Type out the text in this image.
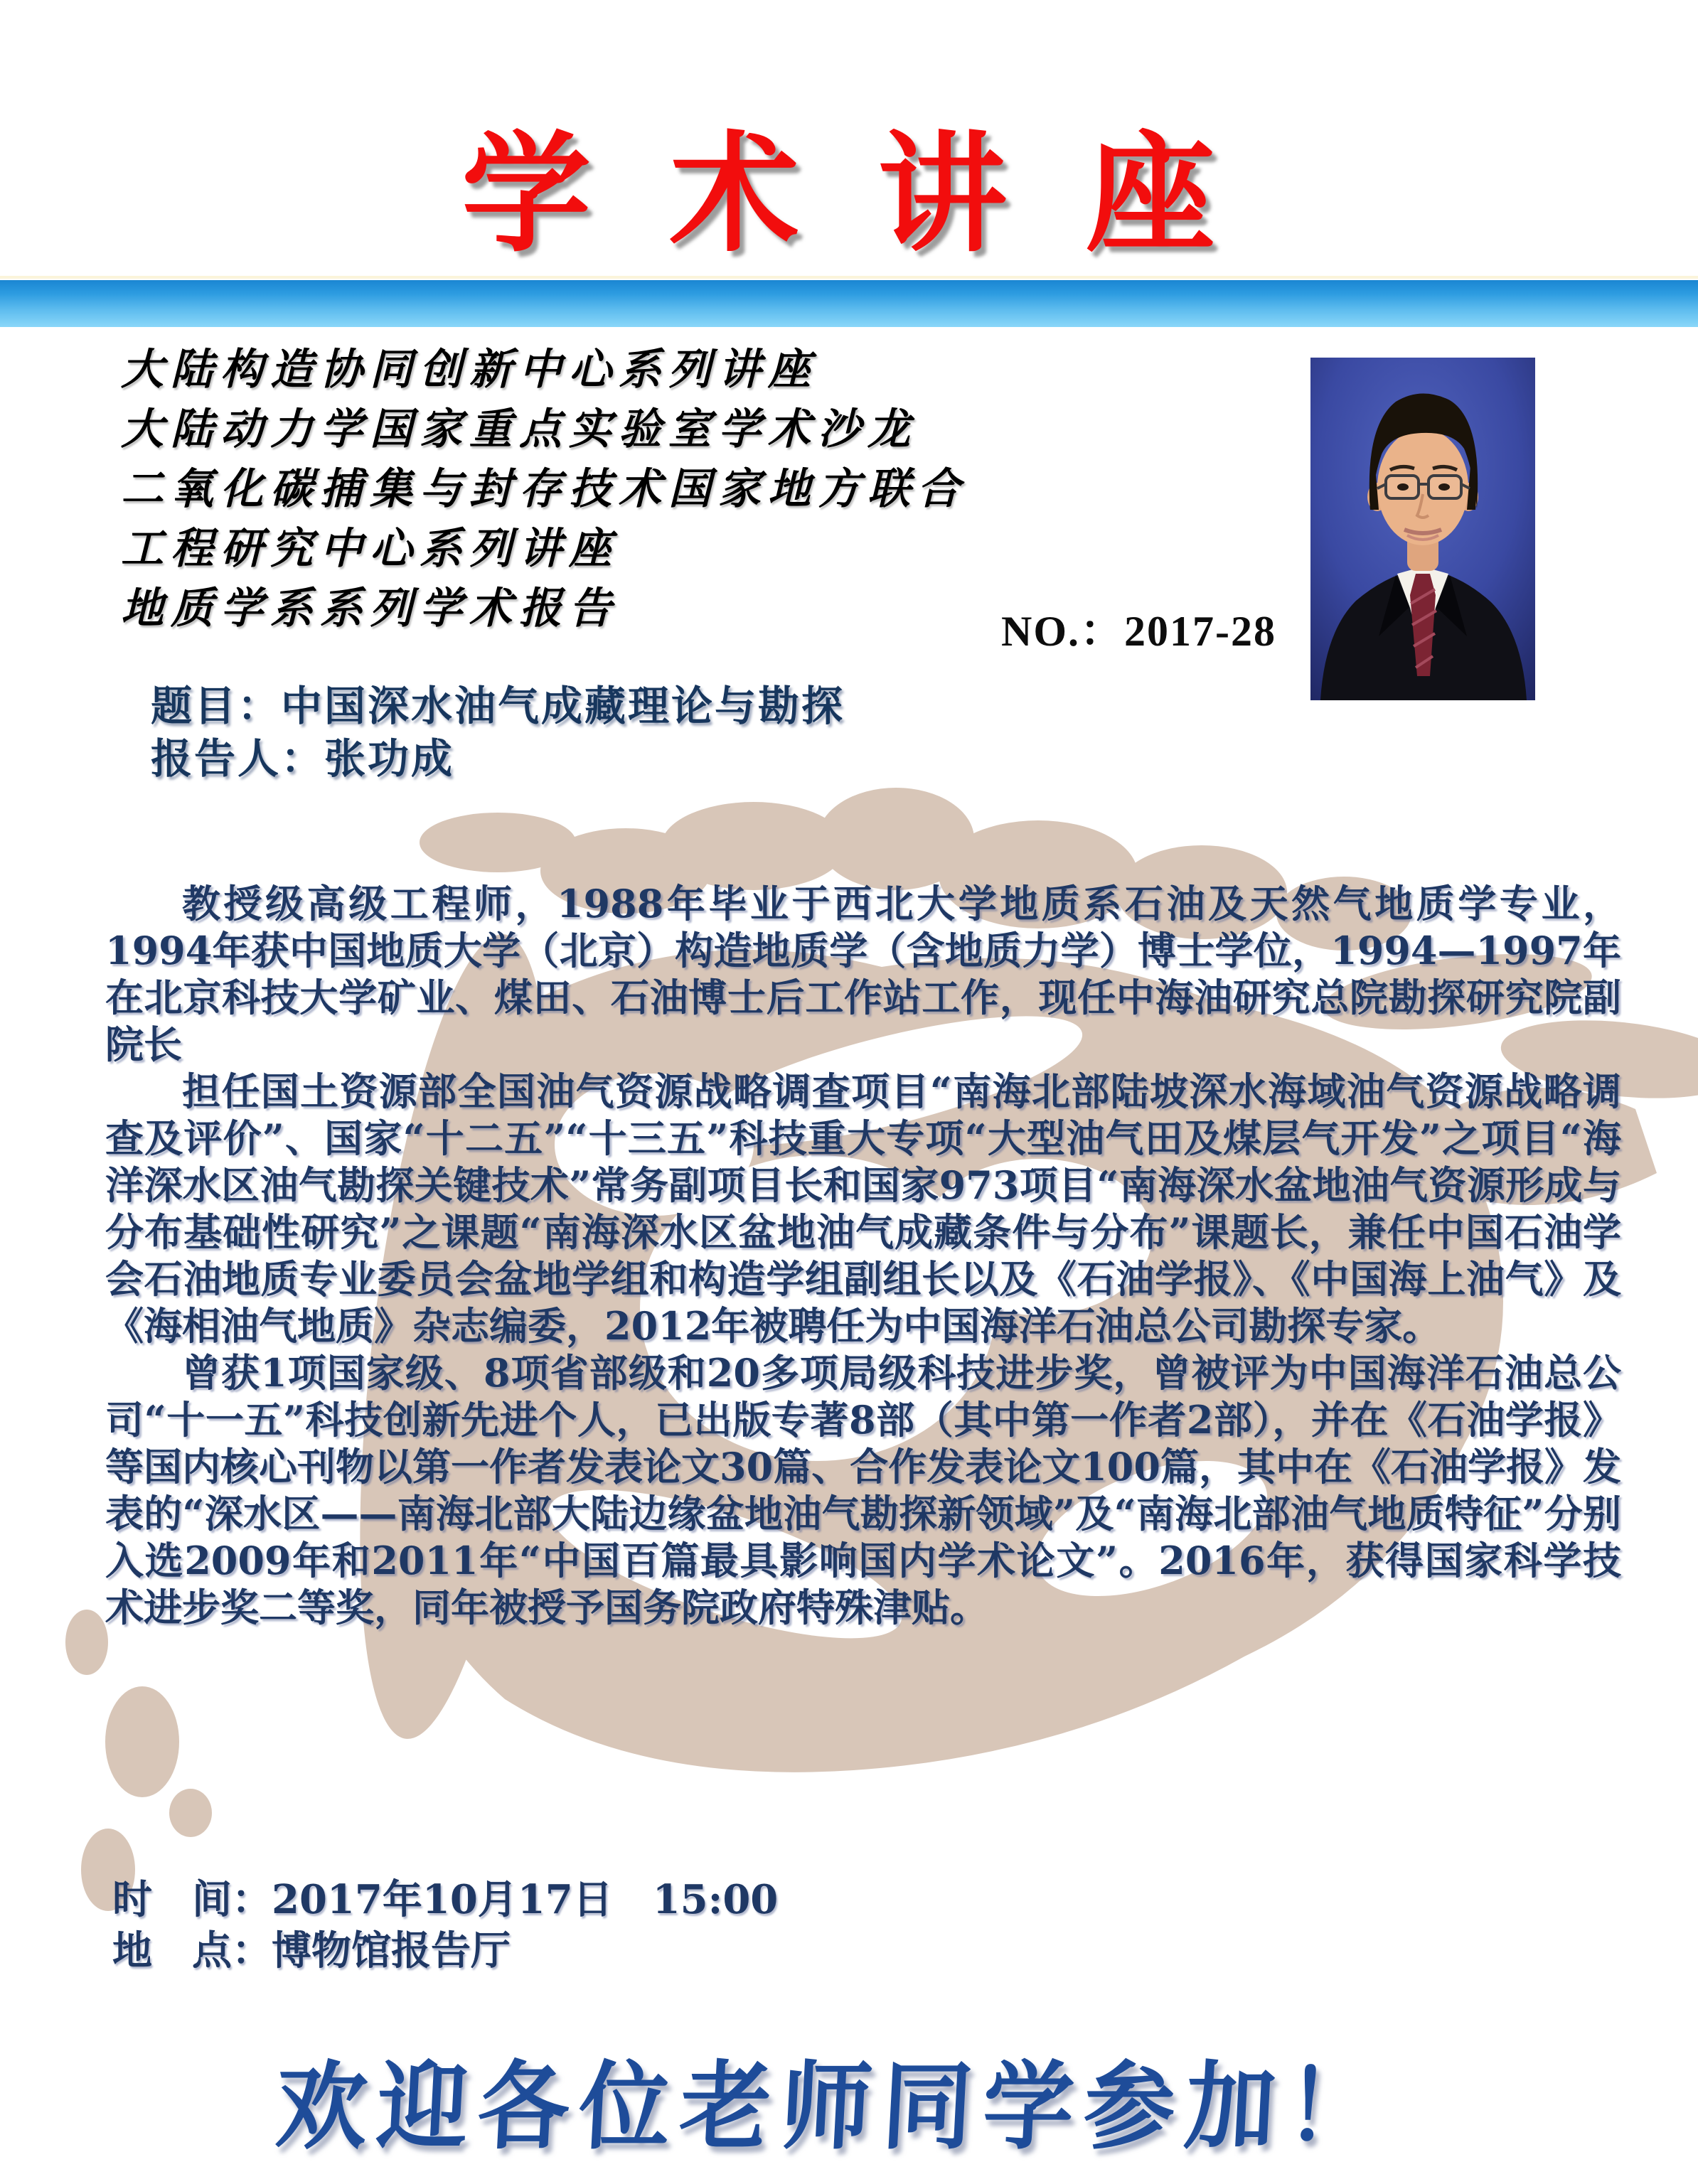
学 术 讲 座
大陆构造协同创新中心系列讲座
大陆动力学国家重点实验室学术沙龙
二氧化碳捕集与封存技术国家地方联合
工程研究中心系列讲座
地质学系系列学术报告	NO.：2017-28
题目：中国深水油气成藏理论与勘探
报告人：张功成

教授级高级工程师，1988年毕业于西北大学地质系石油及天然气地质学专业，1994年获中国地质大学（北京）构造地质学（含地质力学）博士学位，1994—1997年在北京科技大学矿业、煤田、石油博士后工作站工作，现任中海油研究总院勘探研究院副院长

担任国土资源部全国油气资源战略调查项目“南海北部陆坡深水海域油气资源战略调查及评价”、国家“十二五”“十三五”科技重大专项“大型油气田及煤层气开发”之项目“海洋深水区油气勘探关键技术”常务副项目长和国家973项目“南海深水盆地油气资源形成与分布基础性研究”之课题“南海深水区盆地油气成藏条件与分布”课题长，兼任中国石油学会石油地质专业委员会盆地学组和构造学组副组长以及《石油学报》、《中国海上油气》及《海相油气地质》杂志编委，2012年被聘任为中国海洋石油总公司勘探专家。

曾获1项国家级、8项省部级和20多项局级科技进步奖，曾被评为中国海洋石油总公司“十一五”科技创新先进个人，已出版专著8部（其中第一作者2部），并在《石油学报》等国内核心刊物以第一作者发表论文30篇、合作发表论文100篇，其中在《石油学报》发表的“深水区——南海北部大陆边缘盆地油气勘探新领域”及“南海北部油气地质特征”分别入选2009年和2011年“中国百篇最具影响国内学术论文”。2016年，获得国家科学技术进步奖二等奖，同年被授予国务院政府特殊津贴。

时　间：2017年10月17日　15:00
地　点：博物馆报告厅
欢迎各位老师同学参加！
